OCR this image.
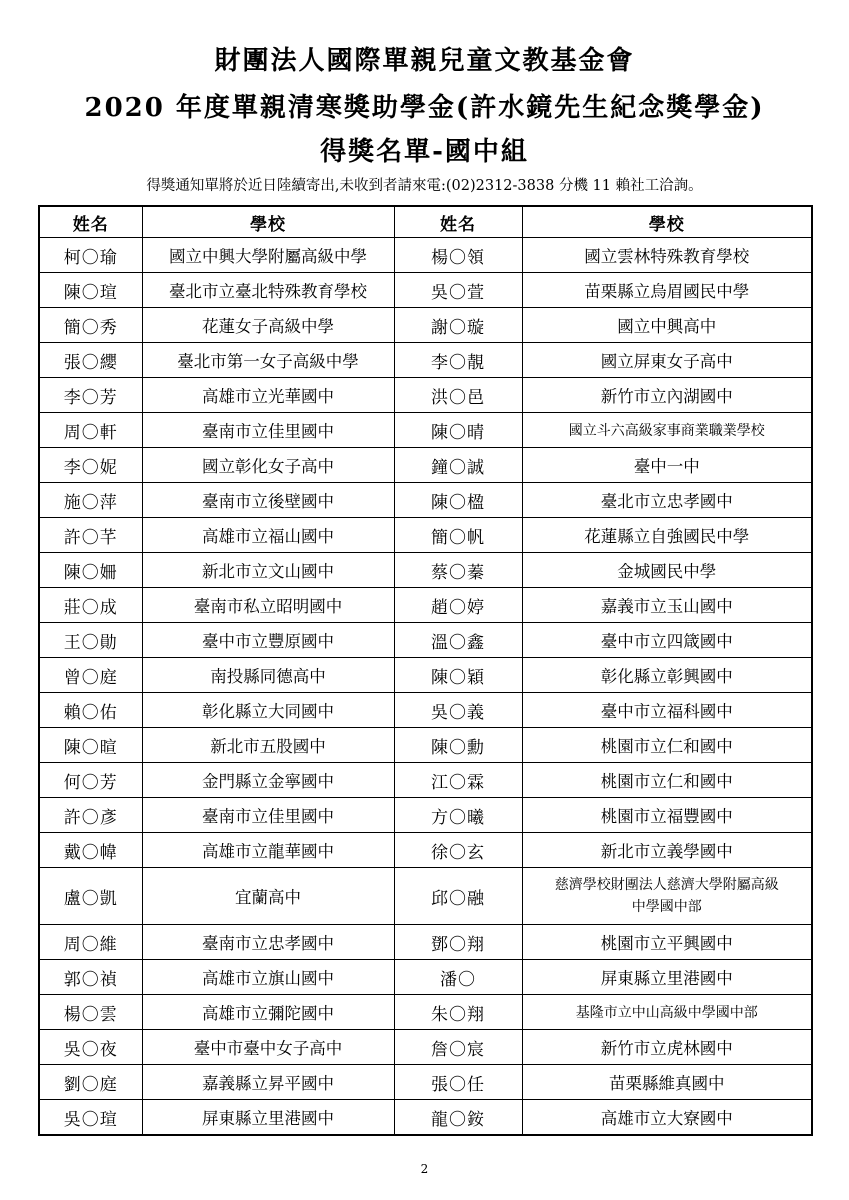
財團法人國際單親兒童文教基金會
2020 年度單親清寒獎助學金(許水鏡先生紀念獎學金)
得獎名單-國中組
得獎通知單將於近日陸續寄出,未收到者請來電:(02)2312-3838 分機 11 賴社工洽詢。
姓名	學校	姓名	學校
柯〇瑜	國立中興大學附屬高級中學	楊〇領	國立雲林特殊教育學校
陳〇瑄	臺北市立臺北特殊教育學校	吳〇萱	苗栗縣立烏眉國民中學
簡〇秀	花蓮女子高級中學	謝〇璇	國立中興高中
張〇纓	臺北市第一女子高級中學	李〇靚	國立屏東女子高中
李〇芳	高雄市立光華國中	洪〇邑	新竹市立內湖國中
周〇軒	臺南市立佳里國中	陳〇晴	國立斗六高級家事商業職業學校
李〇妮	國立彰化女子高中	鐘〇誠	臺中一中
施〇萍	臺南市立後壁國中	陳〇楹	臺北市立忠孝國中
許〇芊	高雄市立福山國中	簡〇帆	花蓮縣立自強國民中學
陳〇姍	新北市立文山國中	蔡〇蓁	金城國民中學
莊〇成	臺南市私立昭明國中	趙〇婷	嘉義市立玉山國中
王〇勛	臺中市立豐原國中	溫〇鑫	臺中市立四箴國中
曾〇庭	南投縣同德高中	陳〇穎	彰化縣立彰興國中
賴〇佑	彰化縣立大同國中	吳〇義	臺中市立福科國中
陳〇暄	新北市五股國中	陳〇勳	桃園市立仁和國中
何〇芳	金門縣立金寧國中	江〇霖	桃園市立仁和國中
許〇彥	臺南市立佳里國中	方〇曦	桃園市立福豐國中
戴〇幃	高雄市立龍華國中	徐〇玄	新北市立義學國中
盧〇凱	宜蘭高中	邱〇融	慈濟學校財團法人慈濟大學附屬高級中學國中部

周〇維	臺南市立忠孝國中	鄧〇翔	桃園市立平興國中
郭〇禎	高雄市立旗山國中	潘〇	屏東縣立里港國中
楊〇雲	高雄市立彌陀國中	朱〇翔	基隆市立中山高級中學國中部
吳〇夜	臺中市臺中女子高中	詹〇宸	新竹市立虎林國中
劉〇庭	嘉義縣立昇平國中	張〇任	苗栗縣維真國中
吳〇瑄	屏東縣立里港國中	龍〇銨	高雄市立大寮國中
2
